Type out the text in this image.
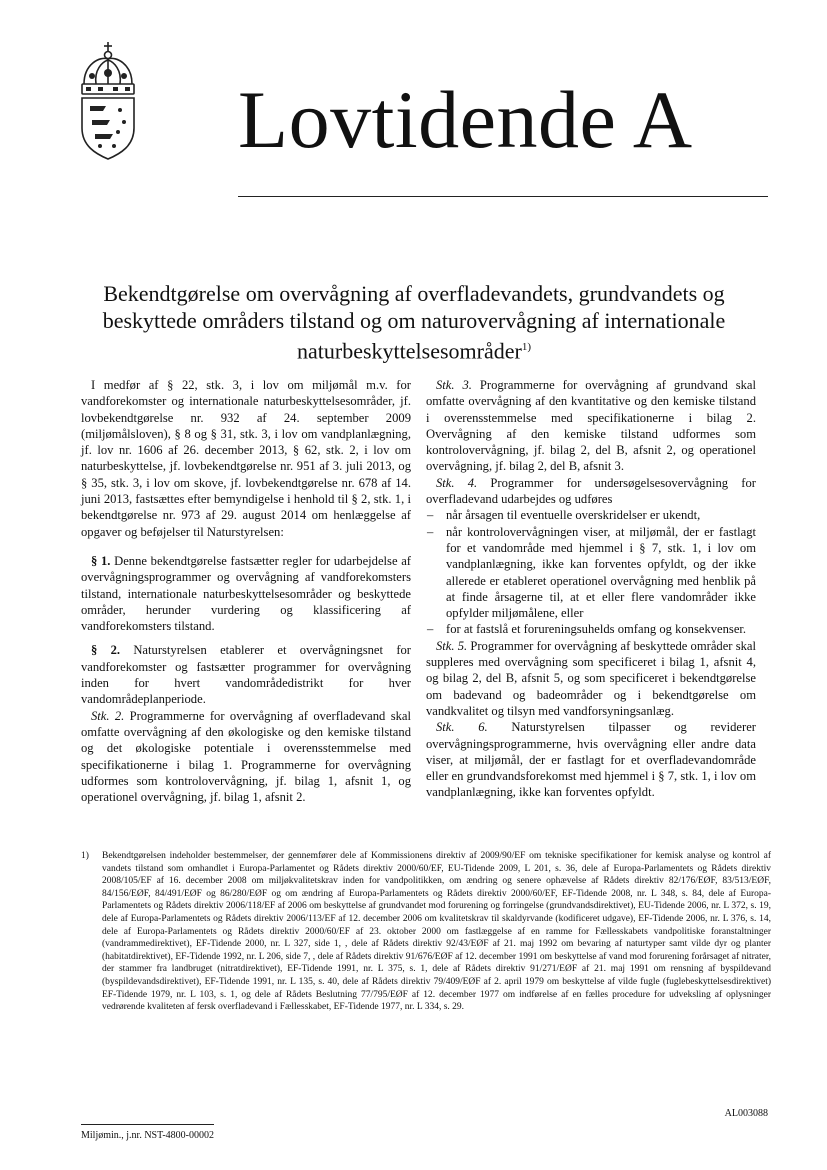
Lovtidende A
Bekendtgørelse om overvågning af overfladevandets, grundvandets og
beskyttede områders tilstand og om naturovervågning af internationale
naturbeskyttelsesområder$^{1)}$

I medfør af § 22, stk. 3, i lov om miljømål m.v. for vandforekomster og internationale naturbeskyttelsesområder, jf. lovbekendtgørelse nr. 932 af 24. september 2009 (miljømålsloven), § 8 og § 31, stk. 3, i lov om vandplanlægning, jf. lov nr. 1606 af 26. december 2013, § 62, stk. 2, i lov om naturbeskyttelse, jf. lovbekendtgørelse nr. 951 af 3. juli 2013, og § 35, stk. 3, i lov om skove, jf. lovbekendtgørelse nr. 678 af 14. juni 2013, fastsættes efter bemyndigelse i henhold til § 2, stk. 1, i bekendtgørelse nr. 973 af 29. august 2014 om henlæggelse af opgaver og beføjelser til Naturstyrelsen:

§ 1. Denne bekendtgørelse fastsætter regler for udarbejdelse af overvågningsprogrammer og overvågning af vandforekomsters tilstand, internationale naturbeskyttelsesområder og beskyttede områder, herunder vurdering og klassificering af vandforekomsters tilstand.

§ 2. Naturstyrelsen etablerer et overvågningsnet for vandforekomster og fastsætter programmer for overvågning inden for hvert vandområdedistrikt for hver vandområdeplanperiode.

Stk. 2. Programmerne for overvågning af overfladevand skal omfatte overvågning af den økologiske og den kemiske tilstand og det økologiske potentiale i overensstemmelse med specifikationerne i bilag 1. Programmerne for overvågning udformes som kontrolovervågning, jf. bilag 1, afsnit 1, og operationel overvågning, jf. bilag 1, afsnit 2.

Stk. 3. Programmerne for overvågning af grundvand skal omfatte overvågning af den kvantitative og den kemiske tilstand i overensstemmelse med specifikationerne i bilag 2. Overvågning af den kemiske tilstand udformes som kontrolovervågning, jf. bilag 2, del B, afsnit 2, og operationel overvågning, jf. bilag 2, del B, afsnit 3.

Stk. 4. Programmer for undersøgelsesovervågning for overfladevand udarbejdes og udføres

– når årsagen til eventuelle overskridelser er ukendt,
– når kontrolovervågningen viser, at miljømål, der er fastlagt for et vandområde med hjemmel i § 7, stk. 1, i lov om vandplanlægning, ikke kan forventes opfyldt, og der ikke allerede er etableret operationel overvågning med henblik på at finde årsagerne til, at et eller flere vandområder ikke opfylder miljømålene, eller
– for at fastslå et forureningsuhelds omfang og konsekvenser.

Stk. 5. Programmer for overvågning af beskyttede områder skal suppleres med overvågning som specificeret i bilag 1, afsnit 4, og bilag 2, del B, afsnit 5, og som specificeret i bekendtgørelse om badevand og badeområder og i bekendtgørelse om vandkvalitet og tilsyn med vandforsyningsanlæg.

Stk. 6. Naturstyrelsen tilpasser og reviderer overvågningsprogrammerne, hvis overvågning eller andre data viser, at miljømål, der er fastlagt for et overfladevandområde eller en grundvandsforekomst med hjemmel i § 7, stk. 1, i lov om vandplanlægning, ikke kan forventes opfyldt.

1)	Bekendtgørelsen indeholder bestemmelser, der gennemfører dele af Kommissionens direktiv af 2009/90/EF om tekniske specifikationer for kemisk analyse og kontrol af vandets tilstand som omhandlet i Europa-Parlamentet og Rådets direktiv 2000/60/EF, EU-Tidende 2009, L 201, s. 36, dele af Europa-Parlamentets og Rådets direktiv 2008/105/EF af 16. december 2008 om miljøkvalitetskrav inden for vandpolitikken, om ændring og senere ophævelse af Rådets direktiv 82/176/EØF, 83/513/EØF, 84/156/EØF, 84/491/EØF og 86/280/EØF og om ændring af Europa-Parlamentets og Rådets direktiv 2000/60/EF, EF-Tidende 2008, nr. L 348, s. 84, dele af Europa-Parlamentets og Rådets direktiv 2006/118/EF af 2006 om beskyttelse af grundvandet mod forurening og forringelse (grundvandsdirektivet), EU-Tidende 2006, nr. L 372, s. 19, dele af Europa-Parlamentets og Rådets direktiv 2006/113/EF af 12. december 2006 om kvalitetskrav til skaldyrvande (kodificeret udgave), EF-Tidende 2006, nr. L 376, s. 14, dele af Europa-Parlamentets og Rådets direktiv 2000/60/EF af 23. oktober 2000 om fastlæggelse af en ramme for Fællesskabets vandpolitiske foranstaltninger (vandrammedirektivet), EF-Tidende 2000, nr. L 327, side 1, , dele af Rådets direktiv 92/43/EØF af 21. maj 1992 om bevaring af naturtyper samt vilde dyr og planter (habitatdirektivet), EF-Tidende 1992, nr. L 206, side 7, , dele af Rådets direktiv 91/676/EØF af 12. december 1991 om beskyttelse af vand mod forurening forårsaget af nitrater, der stammer fra landbruget (nitratdirektivet), EF-Tidende 1991, nr. L 375, s. 1, dele af Rådets direktiv 91/271/EØF af 21. maj 1991 om rensning af byspildevand (byspildevandsdirektivet), EF-Tidende 1991, nr. L 135, s. 40, dele af Rådets direktiv 79/409/EØF af 2. april 1979 om beskyttelse af vilde fugle (fuglebeskyttelsesdirektivet) EF-Tidende 1979, nr. L 103, s. 1, og dele af Rådets Beslutning 77/795/EØF af 12. december 1977 om indførelse af en fælles procedure for udveksling af oplysninger vedrørende kvaliteten af fersk overfladevand i Fællesskabet, EF-Tidende 1977, nr. L 334, s. 29.
AL003088
Miljømin., j.nr. NST-4800-00002
